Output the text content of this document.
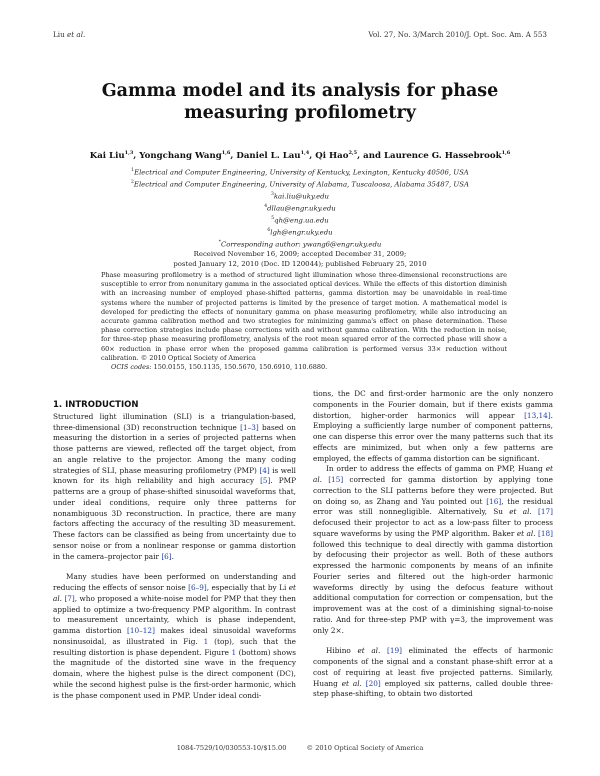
Liu et al.	Vol. 27, No. 3/March 2010/J. Opt. Soc. Am. A 553
Gamma model and its analysis for phase measuring profilometry
Kai Liu$^{1,3}$, Yongchang Wang$^{1,6}$, Daniel L. Lau$^{1,4}$, Qi Hao$^{2,5}$, and Laurence G. Hassebrook$^{1,6}$
$^1$Electrical and Computer Engineering, University of Kentucky, Lexington, Kentucky 40506, USA
$^2$Electrical and Computer Engineering, University of Alabama, Tuscaloosa, Alabama 35487, USA
$^3$kai.liu@uky.edu
$^4$dllau@engr.uky.edu
$^5$qh@eng.ua.edu
$^6$lgh@engr.uky.edu
*Corresponding author: ywang6@engr.uky.edu
Received November 16, 2009; accepted December 31, 2009;
posted January 12, 2010 (Doc. ID 120044); published February 25, 2010
Phase measuring profilometry is a method of structured light illumination whose three-dimensional reconstructions are susceptible to error from nonunitary gamma in the associated optical devices. While the effects of this distortion diminish with an increasing number of employed phase-shifted patterns, gamma distortion may be unavoidable in real-time systems where the number of projected patterns is limited by the presence of target motion. A mathematical model is developed for predicting the effects of nonunitary gamma on phase measuring profilometry, while also introducing an accurate gamma calibration method and two strategies for minimizing gamma's effect on phase determination. These phase correction strategies include phase corrections with and without gamma calibration. With the reduction in noise, for three-step phase measuring profilometry, analysis of the root mean squared error of the corrected phase will show a 60× reduction in phase error when the proposed gamma calibration is performed versus 33× reduction without calibration. © 2010 Optical Society of America
OCIS codes: 150.0155, 150.1135, 150.5670, 150.6910, 110.6880.
1. INTRODUCTION

Structured light illumination (SLI) is a triangulation-based, three-dimensional (3D) reconstruction technique [1–3] based on measuring the distortion in a series of projected patterns when those patterns are viewed, reflected off the target object, from an angle relative to the projector. Among the many coding strategies of SLI, phase measuring profilometry (PMP) [4] is well known for its high reliability and high accuracy [5]. PMP patterns are a group of phase-shifted sinusoidal waveforms that, under ideal conditions, require only three patterns for nonambiguous 3D reconstruction. In practice, there are many factors affecting the accuracy of the resulting 3D measurement. These factors can be classified as being from uncertainty due to sensor noise or from a nonlinear response or gamma distortion in the camera–projector pair [6].

Many studies have been performed on understanding and reducing the effects of sensor noise [6–9], especially that by Li et al. [7], who proposed a white-noise model for PMP that they then applied to optimize a two-frequency PMP algorithm. In contrast to measurement uncertainty, which is phase independent, gamma distortion [10–12] makes ideal sinusoidal waveforms nonsinusoidal, as illustrated in Fig. 1 (top), such that the resulting distortion is phase dependent. Figure 1 (bottom) shows the magnitude of the distorted sine wave in the frequency domain, where the highest pulse is the direct component (DC), while the second highest pulse is the first-order harmonic, which is the phase component used in PMP. Under ideal condi-

tions, the DC and first-order harmonic are the only nonzero components in the Fourier domain, but if there exists gamma distortion, higher-order harmonics will appear [13,14]. Employing a sufficiently large number of component patterns, one can disperse this error over the many patterns such that its effects are minimized, but when only a few patterns are employed, the effects of gamma distortion can be significant.

In order to address the effects of gamma on PMP, Huang et al. [15] corrected for gamma distortion by applying tone correction to the SLI patterns before they were projected. But on doing so, as Zhang and Yau pointed out [16], the residual error was still nonnegligible. Alternatively, Su et al. [17] defocused their projector to act as a low-pass filter to process square waveforms by using the PMP algorithm. Baker et al. [18] followed this technique to deal directly with gamma distortion by defocusing their projector as well. Both of these authors expressed the harmonic components by means of an infinite Fourier series and filtered out the high-order harmonic waveforms directly by using the defocus feature without additional computation for correction or compensation, but the improvement was at the cost of a diminishing signal-to-noise ratio. And for three-step PMP with γ=3, the improvement was only 2×.

Hibino et al. [19] eliminated the effects of harmonic components of the signal and a constant phase-shift error at a cost of requiring at least five projected patterns. Similarly, Huang et al. [20] employed six patterns, called double three-step phase-shifting, to obtain two distorted

1084-7529/10/030553-10/$15.00	© 2010 Optical Society of America
